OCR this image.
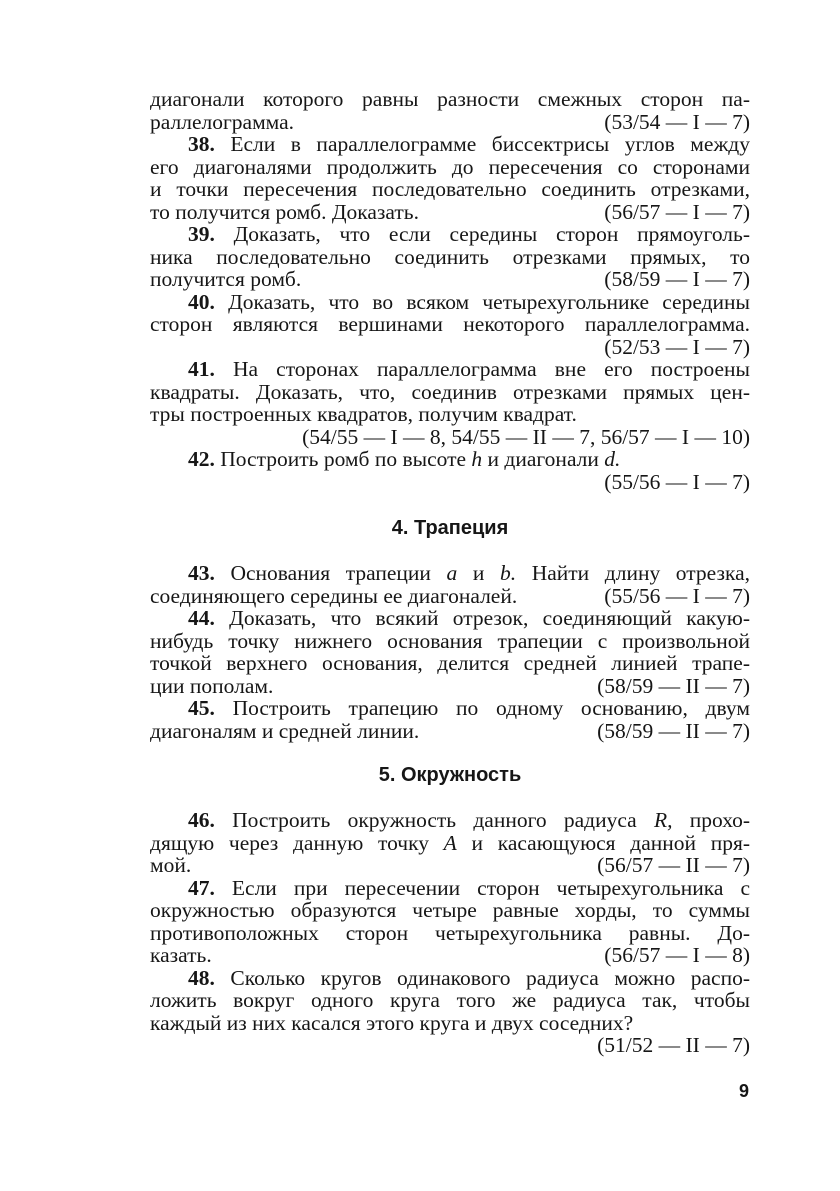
диагонали которого равны разности смежных сторон па-
раллелограмма.	(53/54 — I — 7)
38. Если в параллелограмме биссектрисы углов между
его диагоналями продолжить до пересечения со сторонами
и точки пересечения последовательно соединить отрезками,
то получится ромб. Доказать.	(56/57 — I — 7)
39. Доказать, что если середины сторон прямоуголь-
ника последовательно соединить отрезками прямых, то
получится ромб.	(58/59 — I — 7)
40. Доказать, что во всяком четырехугольнике середины
сторон являются вершинами некоторого параллелограмма.
(52/53 — I — 7)
41. На сторонах параллелограмма вне его построены
квадраты. Доказать, что, соединив отрезками прямых цен-
тры построенных квадратов, получим квадрат.
(54/55 — I — 8, 54/55 — II — 7, 56/57 — I — 10)
42. Построить ромб по высоте h и диагонали d.
(55/56 — I — 7)
4. Трапеция
43. Основания трапеции a и b. Найти длину отрезка,
соединяющего середины ее диагоналей.	(55/56 — I — 7)
44. Доказать, что всякий отрезок, соединяющий какую-
нибудь точку нижнего основания трапеции с произвольной
точкой верхнего основания, делится средней линией трапе-
ции пополам.	(58/59 — II — 7)
45. Построить трапецию по одному основанию, двум
диагоналям и средней линии.	(58/59 — II — 7)
5. Окружность
46. Построить окружность данного радиуса R, прохо-
дящую через данную точку A и касающуюся данной пря-
мой.	(56/57 — II — 7)
47. Если при пересечении сторон четырехугольника с
окружностью образуются четыре равные хорды, то суммы
противоположных сторон четырехугольника равны. До-
казать.	(56/57 — I — 8)
48. Сколько кругов одинакового радиуса можно распо-
ложить вокруг одного круга того же радиуса так, чтобы
каждый из них касался этого круга и двух соседних?
(51/52 — II — 7)
9
